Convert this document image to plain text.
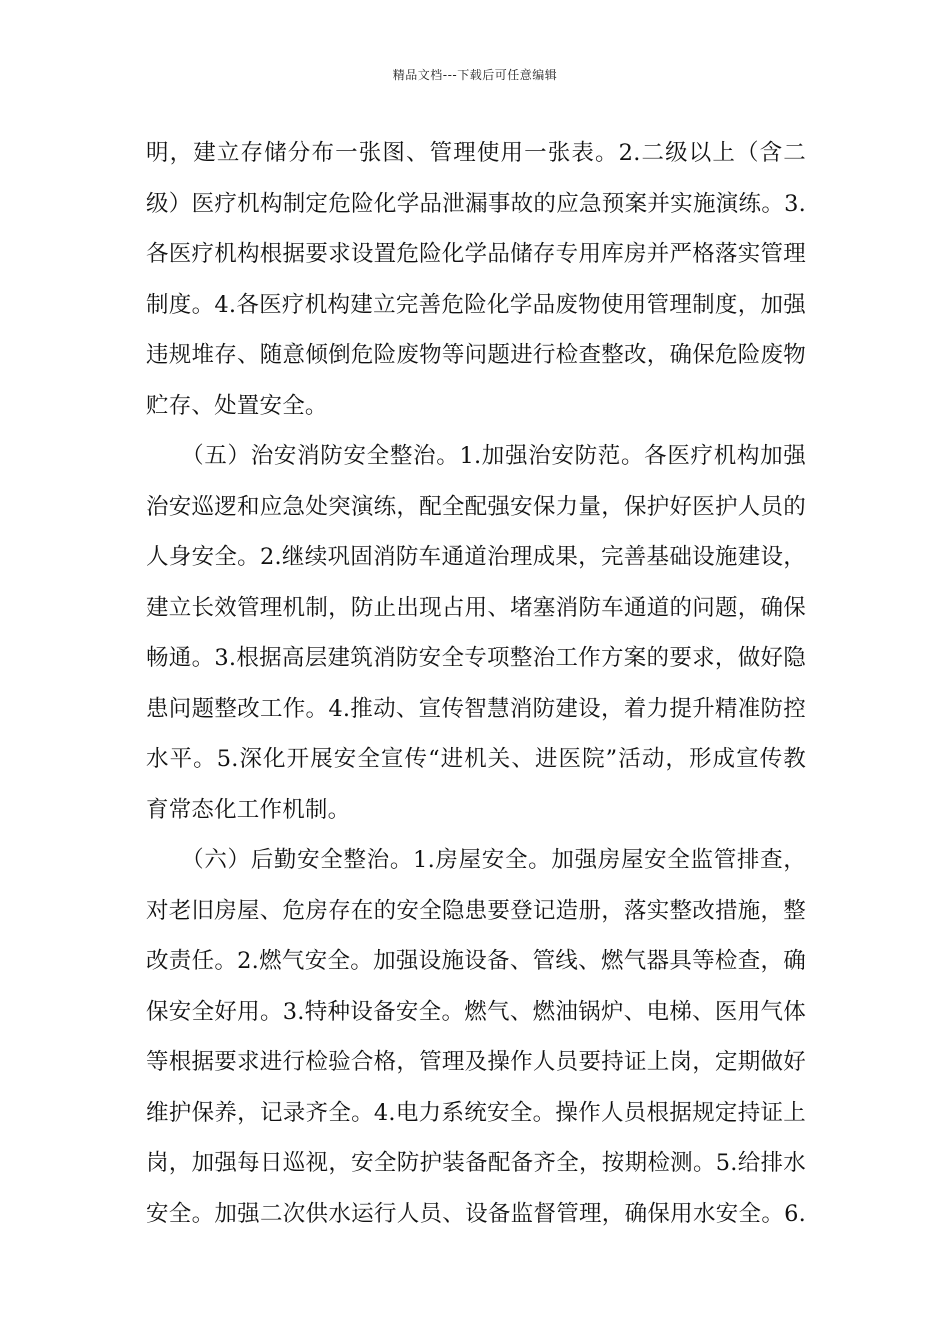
精品文档---下载后可任意编辑
明，建立存储分布一张图、管理使用一张表。2.二级以上（含二
级）医疗机构制定危险化学品泄漏事故的应急预案并实施演练。3.
各医疗机构根据要求设置危险化学品储存专用库房并严格落实管理
制度。4.各医疗机构建立完善危险化学品废物使用管理制度，加强
违规堆存、随意倾倒危险废物等问题进行检查整改，确保危险废物
贮存、处置安全。
　　（五）治安消防安全整治。1.加强治安防范。各医疗机构加强
治安巡逻和应急处突演练，配全配强安保力量，保护好医护人员的
人身安全。2.继续巩固消防车通道治理成果，完善基础设施建设，
建立长效管理机制，防止出现占用、堵塞消防车通道的问题，确保
畅通。3.根据高层建筑消防安全专项整治工作方案的要求，做好隐
患问题整改工作。4.推动、宣传智慧消防建设，着力提升精准防控
水平。5.深化开展安全宣传“进机关、进医院”活动，形成宣传教
育常态化工作机制。
　　（六）后勤安全整治。1.房屋安全。加强房屋安全监管排查，
对老旧房屋、危房存在的安全隐患要登记造册，落实整改措施，整
改责任。2.燃气安全。加强设施设备、管线、燃气器具等检查，确
保安全好用。3.特种设备安全。燃气、燃油锅炉、电梯、医用气体
等根据要求进行检验合格，管理及操作人员要持证上岗，定期做好
维护保养，记录齐全。4.电力系统安全。操作人员根据规定持证上
岗，加强每日巡视，安全防护装备配备齐全，按期检测。5.给排水
安全。加强二次供水运行人员、设备监督管理，确保用水安全。6.
